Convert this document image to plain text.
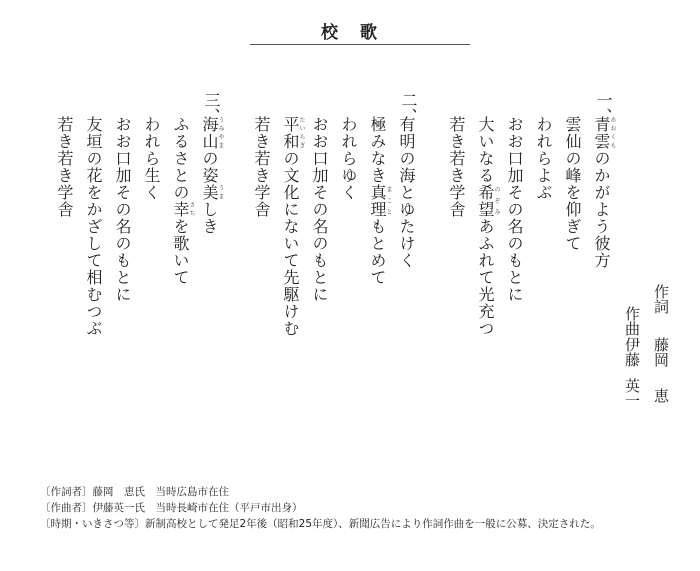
校歌
一、
青雲あおくものかがよう彼方
雲仙の峰を仰ぎて
われらよぶ
おお口加その名のもとに
大いなる希望のぞみあふれて光充つ
若き若き学舎
二、
有明の海とゆたけく
極みなき真理まこともとめて
われらゆく
おお口加その名のもとに
平和たいらぎの文化にないて先駆けむ
若き若き学舎
三、
海山うみやまの姿美うましき
ふるさとの幸さちを歌いて
われら生く
おお口加その名のもとに
友垣の花をかざして相むつぶ
若き若き学舎
作詞
藤岡
恵
作曲
伊藤
英一
〔作詞者〕藤岡　恵氏　当時広島市在住
〔作曲者〕伊藤英一氏　当時長崎市在住（平戸市出身）
〔時期・いきさつ等〕新制高校として発足2年後（昭和25年度）、新聞広告により作詞作曲を一般に公募、決定された。
